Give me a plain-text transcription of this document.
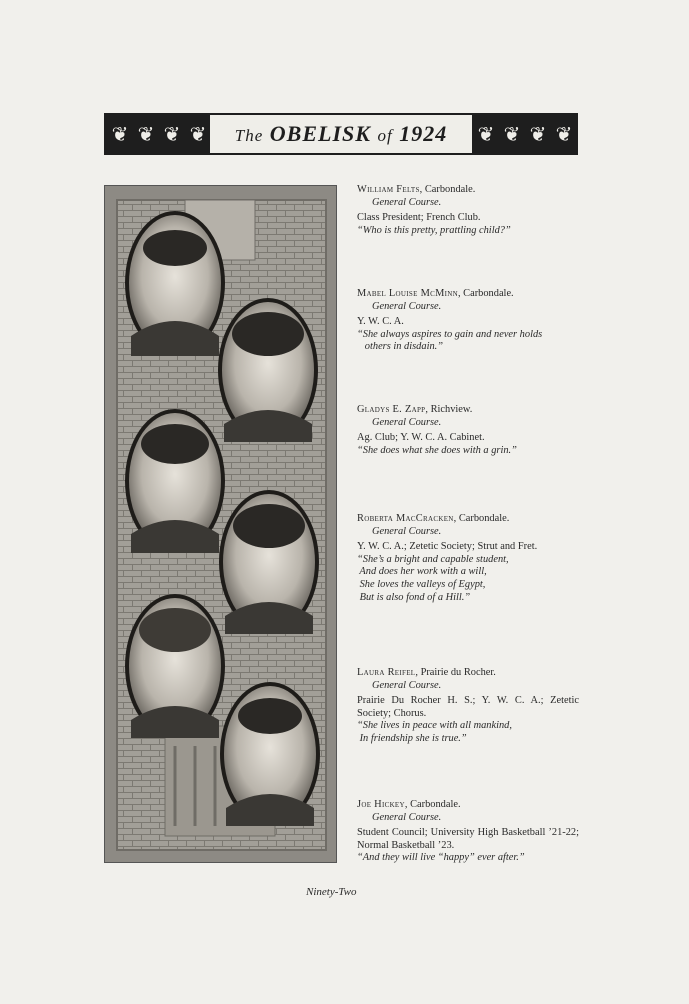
❦ ❦ ❦ ❦	The OBELISK of 1924	❦ ❦ ❦ ❦
William Felts, Carbondale.
General Course.
Class President; French Club.
“Who is this pretty, prattling child?”
Mabel Louise McMinn, Carbondale.
General Course.
Y. W. C. A.
“She always aspires to gain and never holds
others in disdain.”
Gladys E. Zapp, Richview.
General Course.
Ag. Club; Y. W. C. A. Cabinet.
“She does what she does with a grin.”
Roberta MacCracken, Carbondale.
General Course.
Y. W. C. A.; Zetetic Society; Strut and Fret.
“She’s a bright and capable student,
And does her work with a will,
She loves the valleys of Egypt,
But is also fond of a Hill.”
Laura Reifel, Prairie du Rocher.
General Course.
Prairie Du Rocher H. S.; Y. W. C. A.; Zetetic Society; Chorus.
“She lives in peace with all mankind,
In friendship she is true.”
Joe Hickey, Carbondale.
General Course.
Student Council; University High Basketball ’21-22; Normal Basketball ’23.
“And they will live “happy” ever after.”
Ninety-Two
